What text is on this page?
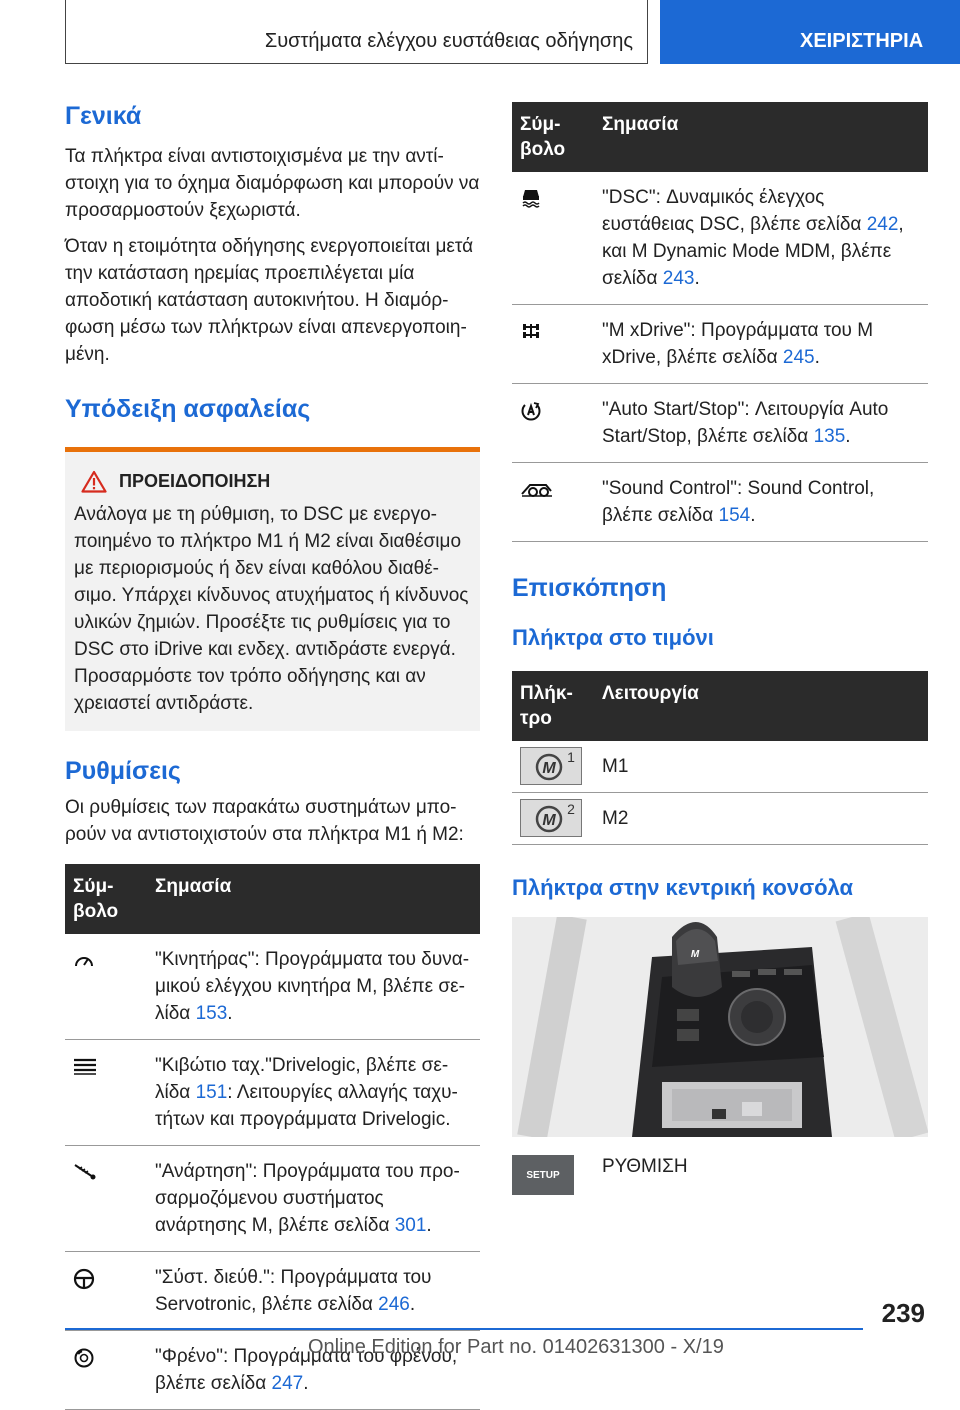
Συστήματα ελέγχου ευστάθειας οδήγησης	ΧΕΙΡΙΣΤΗΡΙΑ
Γενικά

Τα πλήκτρα είναι αντιστοιχισμένα με την αντί-στοιχη για το όχημα διαμόρφωση και μπορούν να προσαρμοστούν ξεχωριστά.

Όταν η ετοιμότητα οδήγησης ενεργοποιείται μετά την κατάσταση ηρεμίας προεπιλέγεται μία αποδοτική κατάσταση αυτοκινήτου. Η διαμόρ-φωση μέσω των πλήκτρων είναι απενεργοποιη-μένη.

Υπόδειξη ασφαλείας
ΠΡΟΕΙΔΟΠΟΙΗΣΗ

Ανάλογα με τη ρύθμιση, το DSC με ενεργο-ποιημένο το πλήκτρο M1 ή M2 είναι διαθέσιμο με περιορισμούς ή δεν είναι καθόλου διαθέ-σιμο. Υπάρχει κίνδυνος ατυχήματος ή κίνδυνος υλικών ζημιών. Προσέξτε τις ρυθμίσεις για το DSC στο iDrive και ενδεχ. αντιδράστε ενεργά. Προσαρμόστε τον τρόπο οδήγησης και αν χρειαστεί αντιδράστε.

Ρυθμίσεις

Οι ρυθμίσεις των παρακάτω συστημάτων μπο-ρούν να αντιστοιχιστούν στα πλήκτρα M1 ή M2:

Σύμ-βολο	Σημασία
	"Κινητήρας": Προγράμματα του δυνα-μικού ελέγχου κινητήρα M, βλέπε σε-λίδα 153.
	"Κιβώτιο ταχ."Drivelogic, βλέπε σε-λίδα 151: Λειτουργίες αλλαγής ταχυ-τήτων και προγράμματα Drivelogic.
	"Ανάρτηση": Προγράμματα του προ-σαρμοζόμενου συστήματος ανάρτησης M, βλέπε σελίδα 301.
	"Σύστ. διεύθ.": Προγράμματα του Servotronic, βλέπε σελίδα 246.
	"Φρένο": Προγράμματα του φρένου, βλέπε σελίδα 247.
Σύμ-βολο	Σημασία
	"DSC": Δυναμικός έλεγχος ευστάθειας DSC, βλέπε σελίδα 242, και M Dynamic Mode MDM, βλέπε σελίδα 243.
	"M xDrive": Προγράμματα του M xDrive, βλέπε σελίδα 245.
	"Auto Start/Stop": Λειτουργία Auto Start/Stop, βλέπε σελίδα 135.
	"Sound Control": Sound Control, βλέπε σελίδα 154.
Επισκόπηση
Πλήκτρα στο τιμόνι
Πλήκ-τρο	Λειτουργία

M
1	M1

M
2	M2
Πλήκτρα στην κεντρική κονσόλα
M
SETUP ΡΥΘΜΙΣΗ
239
Online Edition for Part no. 01402631300 - X/19
